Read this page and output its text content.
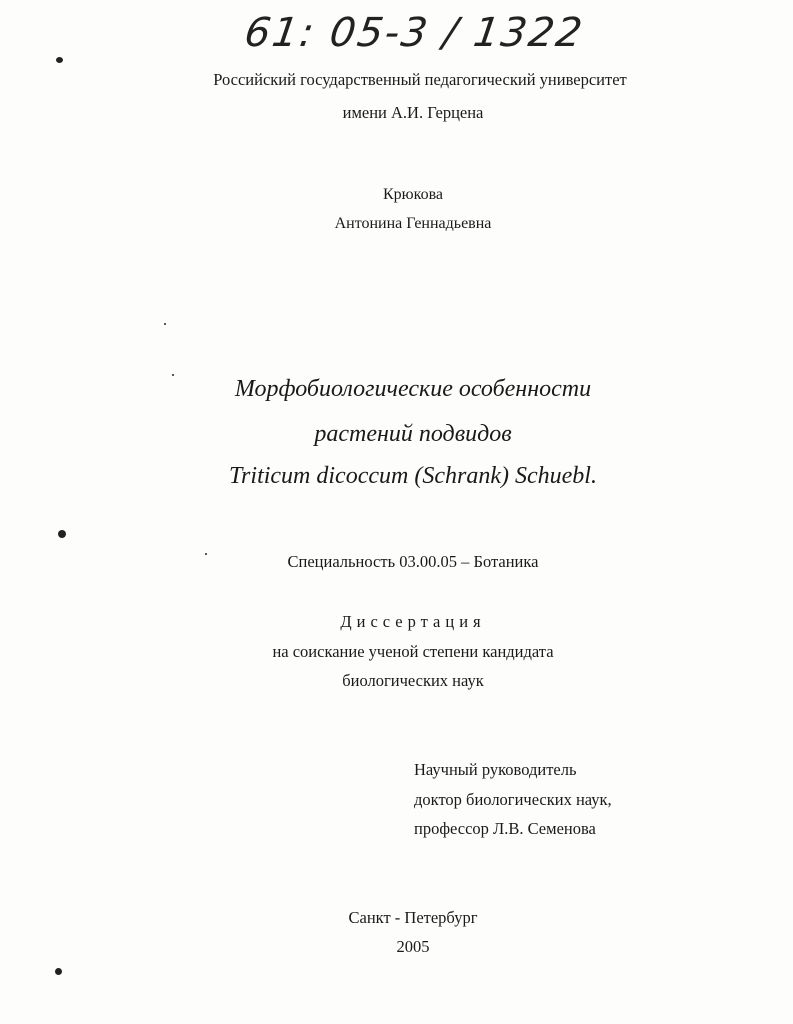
61: 05-3 / 1322
Российский государственный педагогический университет
имени А.И. Герцена
Крюкова
Антонина Геннадьевна
Морфобиологические особенности
растений подвидов
Triticum dicoccum (Schrank) Schuebl.
Специальность 03.00.05 – Ботаника
Диссертация
на соискание ученой степени кандидата
биологических наук
Научный руководитель
доктор биологических наук,
профессор Л.В. Семенова
Санкт - Петербург
2005
